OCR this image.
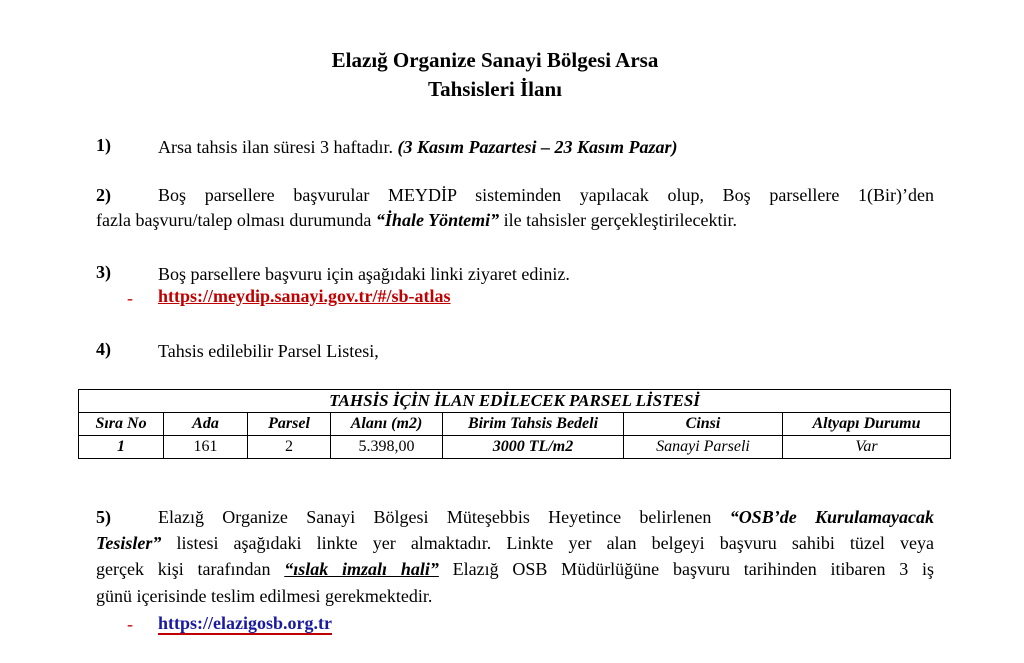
Elazığ Organize Sanayi Bölgesi Arsa
Tahsisleri İlanı
1)	Arsa tahsis ilan süresi 3 haftadır. (3 Kasım Pazartesi – 23 Kasım Pazar)
2)	Boş parsellere başvurular MEYDİP sisteminden yapılacak olup, Boş parsellere 1(Bir)’den
fazla başvuru/talep olması durumunda “İhale Yöntemi” ile tahsisler gerçekleştirilecektir.
3)	Boş parsellere başvuru için aşağıdaki linki ziyaret ediniz.
- https://meydip.sanayi.gov.tr/#/sb-atlas
4)	Tahsis edilebilir Parsel Listesi,
TAHSİS İÇİN İLAN EDİLECEK PARSEL LİSTESİ						
Sıra No	Ada	Parsel	Alanı (m2)	Birim Tahsis Bedeli	Cinsi	Altyapı Durumu
1	161	2	5.398,00	3000 TL/m2	Sanayi Parseli	Var
5)	Elazığ Organize Sanayi Bölgesi Müteşebbis Heyetince belirlenen “OSB’de Kurulamayacak
Tesisler” listesi aşağıdaki linkte yer almaktadır. Linkte yer alan belgeyi başvuru sahibi tüzel veya
gerçek kişi tarafından “ıslak imzalı hali” Elazığ OSB Müdürlüğüne başvuru tarihinden itibaren 3 iş
günü içerisinde teslim edilmesi gerekmektedir.
- https://elazigosb.org.tr
